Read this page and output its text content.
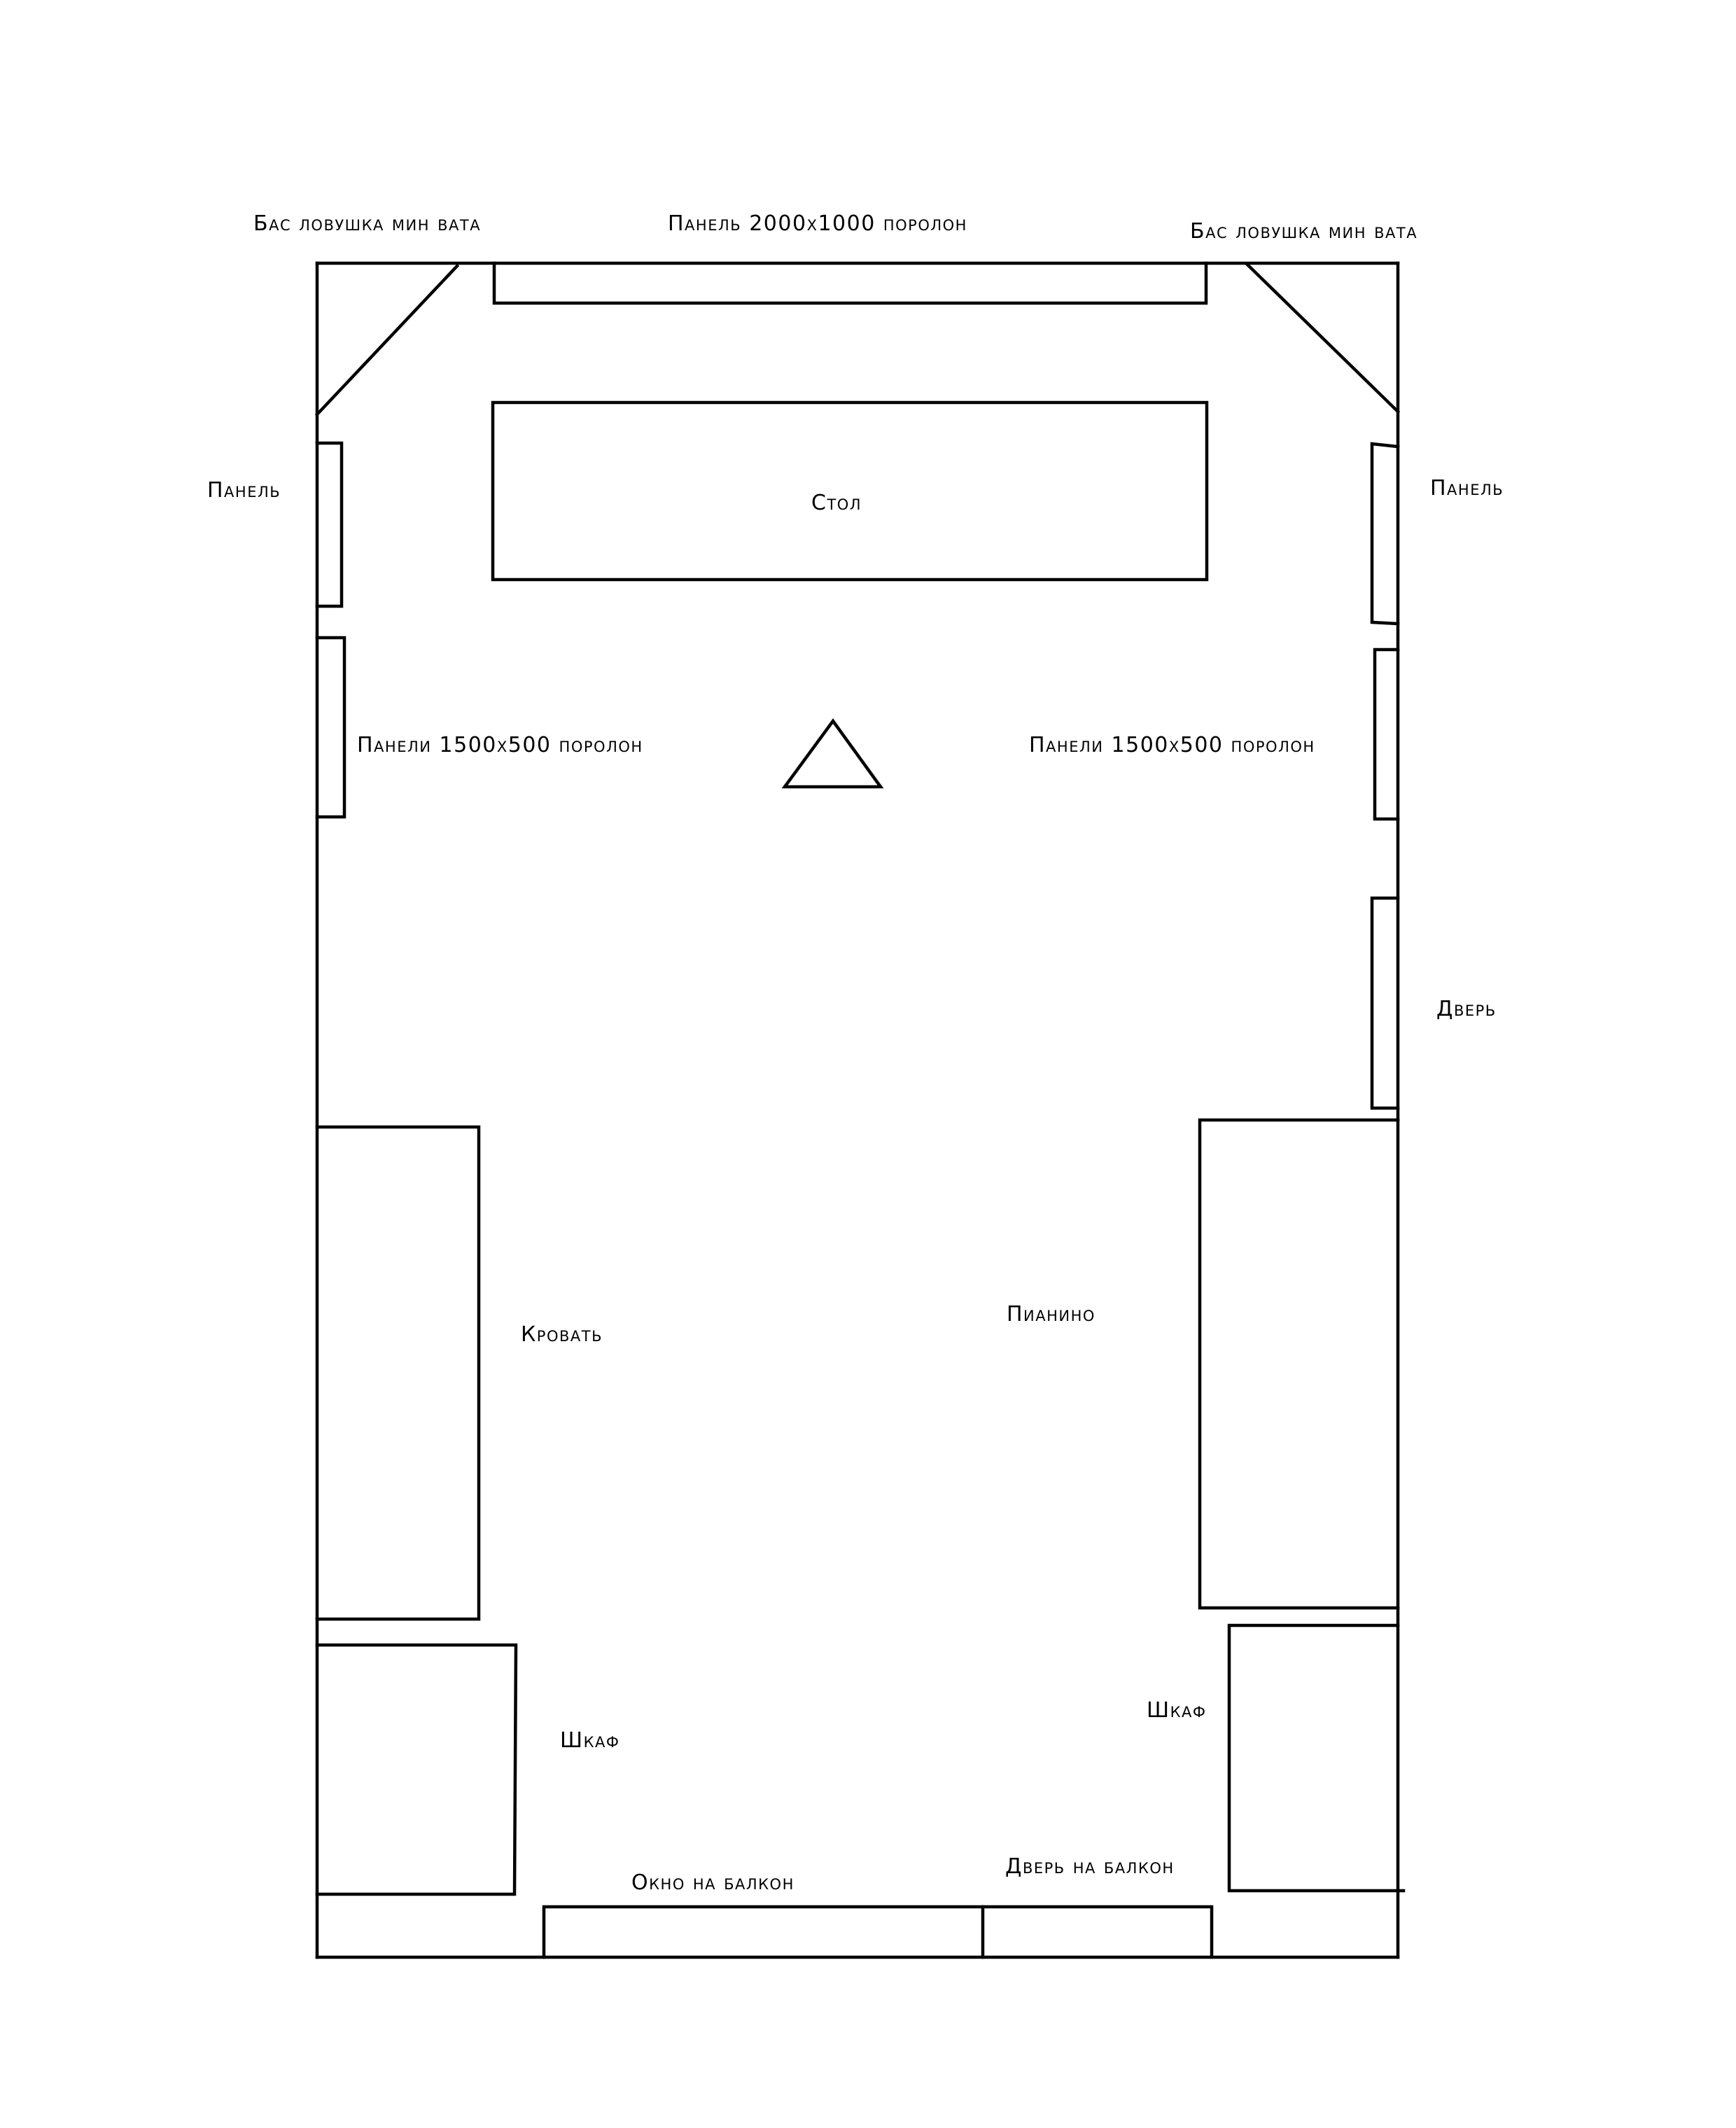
Бас ловушка мин вата	Панель 2000х1000 поролон	Бас ловушка мин вата
Панель	Панель
Стол
Панели 1500х500 поролон	Панели 1500х500 поролон
Дверь
Кровать
Пианино
Шкаф
Шкаф
Окно на балкон
Дверь на балкон
